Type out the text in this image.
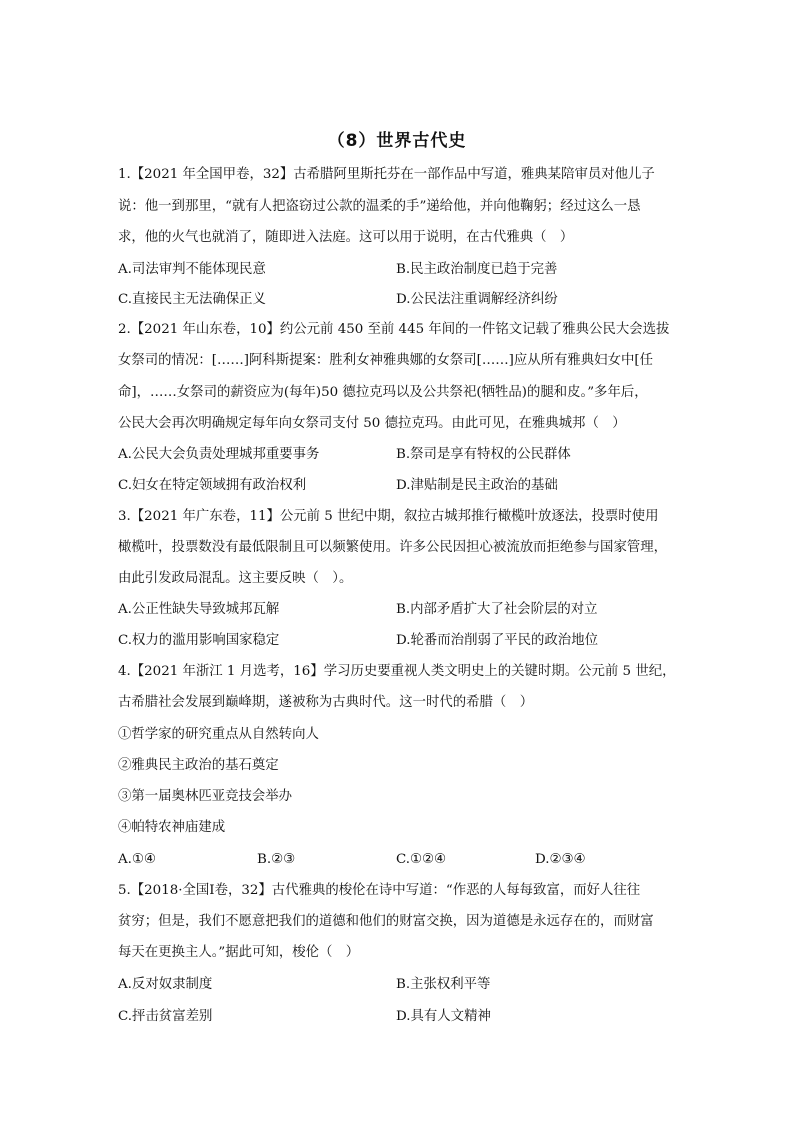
（8）世界古代史
1.【2021 年全国甲卷，32】古希腊阿里斯托芬在一部作品中写道，雅典某陪审员对他儿子
说：他一到那里，“就有人把盗窃过公款的温柔的手”递给他，并向他鞠躬；经过这么一恳
求，他的火气也就消了，随即进入法庭。这可以用于说明，在古代雅典（　）
A.司法审判不能体现民意	B.民主政治制度已趋于完善
C.直接民主无法确保正义	D.公民法注重调解经济纠纷
2.【2021 年山东卷，10】约公元前 450 至前 445 年间的一件铭文记载了雅典公民大会选拔
女祭司的情况：[……]阿科斯提案：胜利女神雅典娜的女祭司[……]应从所有雅典妇女中[任
命]，……女祭司的薪资应为(每年)50 德拉克玛以及公共祭祀(牺牲品)的腿和皮。”多年后，
公民大会再次明确规定每年向女祭司支付 50 德拉克玛。由此可见，在雅典城邦（　）
A.公民大会负责处理城邦重要事务	B.祭司是享有特权的公民群体
C.妇女在特定领域拥有政治权利	D.津贴制是民主政治的基础
3.【2021 年广东卷，11】公元前 5 世纪中期，叙拉古城邦推行橄榄叶放逐法，投票时使用
橄榄叶，投票数没有最低限制且可以频繁使用。许多公民因担心被流放而拒绝参与国家管理，
由此引发政局混乱。这主要反映（　）。
A.公正性缺失导致城邦瓦解	B.内部矛盾扩大了社会阶层的对立
C.权力的滥用影响国家稳定	D.轮番而治削弱了平民的政治地位
4.【2021 年浙江 1 月选考，16】学习历史要重视人类文明史上的关键时期。公元前 5 世纪，
古希腊社会发展到巅峰期，遂被称为古典时代。这一时代的希腊（　）
①哲学家的研究重点从自然转向人
②雅典民主政治的基石奠定
③第一届奥林匹亚竞技会举办
④帕特农神庙建成
A.①④	B.②③	C.①②④	D.②③④
5.【2018·全国Ⅰ卷，32】古代雅典的梭伦在诗中写道：“作恶的人每每致富，而好人往往
贫穷；但是，我们不愿意把我们的道德和他们的财富交换，因为道德是永远存在的，而财富
每天在更换主人。”据此可知，梭伦（　）
A.反对奴隶制度	B.主张权利平等
C.抨击贫富差别	D.具有人文精神
